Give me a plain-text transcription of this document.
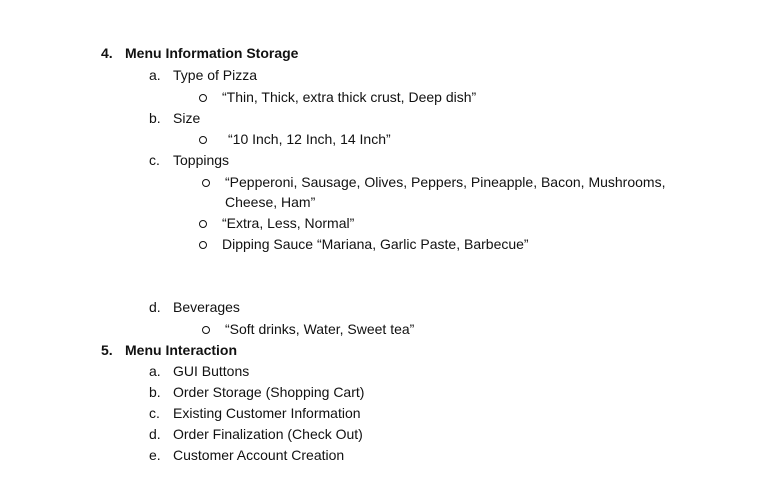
4. Menu Information Storage
a. Type of Pizza
“Thin, Thick, extra thick crust, Deep dish”
b. Size
“10 Inch, 12 Inch, 14 Inch”
c. Toppings
“Pepperoni, Sausage, Olives, Peppers, Pineapple, Bacon, Mushrooms,
Cheese, Ham”
“Extra, Less, Normal”
Dipping Sauce “Mariana, Garlic Paste, Barbecue”
d. Beverages
“Soft drinks, Water, Sweet tea”
5. Menu Interaction
a. GUI Buttons
b. Order Storage (Shopping Cart)
c. Existing Customer Information
d. Order Finalization (Check Out)
e. Customer Account Creation
